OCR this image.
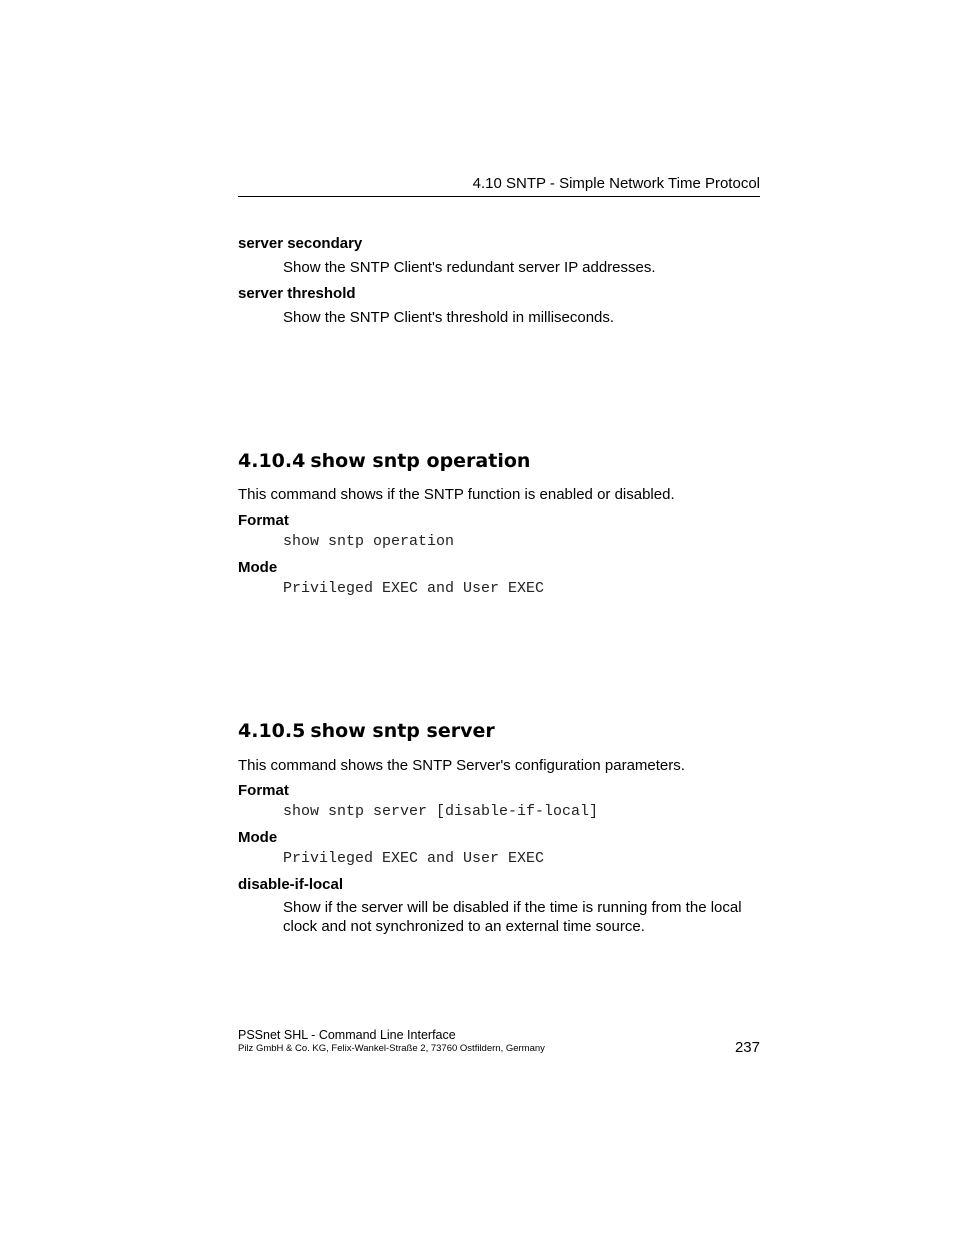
4.10 SNTP - Simple Network Time Protocol
server secondary
Show the SNTP Client's redundant server IP addresses.
server threshold
Show the SNTP Client's threshold in milliseconds.
4.10.4 show sntp operation
This command shows if the SNTP function is enabled or disabled.
Format
show sntp operation
Mode
Privileged EXEC and User EXEC
4.10.5 show sntp server
This command shows the SNTP Server's configuration parameters.
Format
show sntp server [disable-if-local]
Mode
Privileged EXEC and User EXEC
disable-if-local
Show if the server will be disabled if the time is running from the local clock and not synchronized to an external time source.
PSSnet SHL - Command Line Interface
Pilz GmbH & Co. KG, Felix-Wankel-Straße 2, 73760 Ostfildern, Germany	237
